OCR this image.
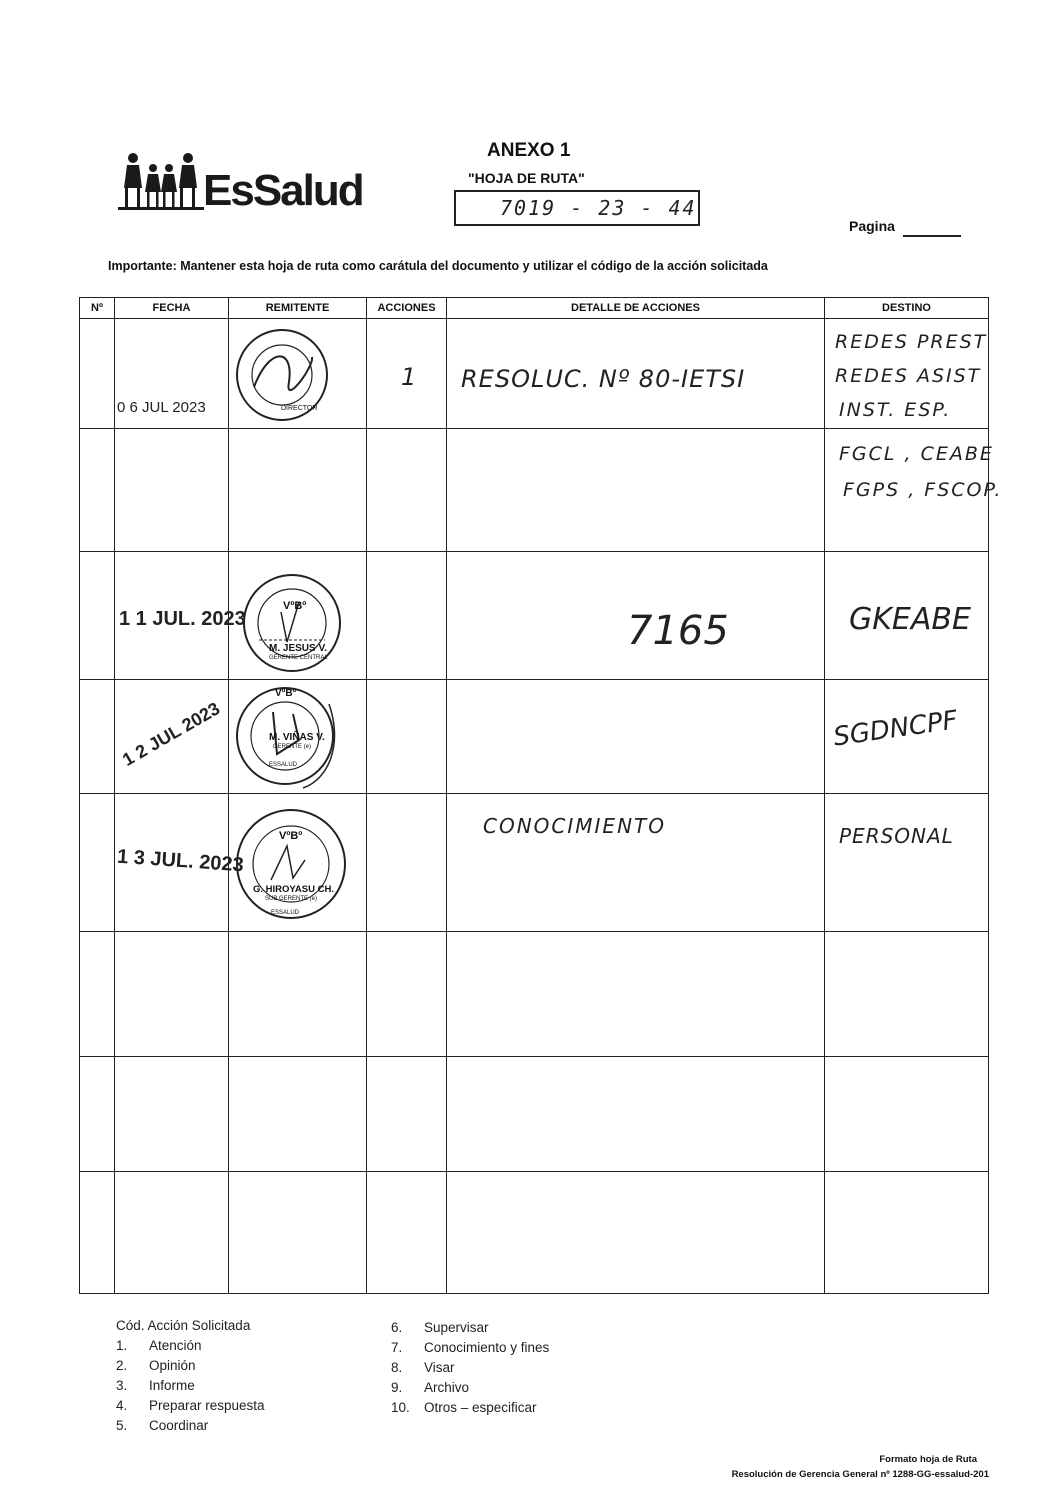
EsSalud
ANEXO 1
"HOJA DE RUTA"
7019 - 23 - 44
Pagina
Importante: Mantener esta hoja de ruta como carátula del documento y utilizar el código de la acción solicitada
Nº	FECHA	REMITENTE	ACCIONES	DETALLE DE ACCIONES	DESTINO

	0 6 JUL 2023	DIRECTOR	1	RESOLUC. Nº 80-IETSI	REDES PREST
REDES ASIST
INST. ESP.

					FGCL , CEABE
FGPS , FSCOP.

	1 1 JUL. 2023	VºBº
M. JESUS V.
GERENTE CENTRAL		7165	GKEABE

	1 2 JUL 2023	VºBº
M. VIÑAS V.
GERENTE (e)
ESSALUD			SGDNCPF

	1 3 JUL. 2023	VºBº
G. HIROYASU CH.
SUB GERENTE (e)
ESSALUD		CONOCIMIENTO	PERSONAL

Cód. Acción Solicitada
1. Atención
2. Opinión
3. Informe
4. Preparar respuesta
5. Coordinar
6. Supervisar
7. Conocimiento y fines
8. Visar
9. Archivo
10. Otros – especificar
Formato hoja de Ruta
Resolución de Gerencia General nº 1288-GG-essalud-201
